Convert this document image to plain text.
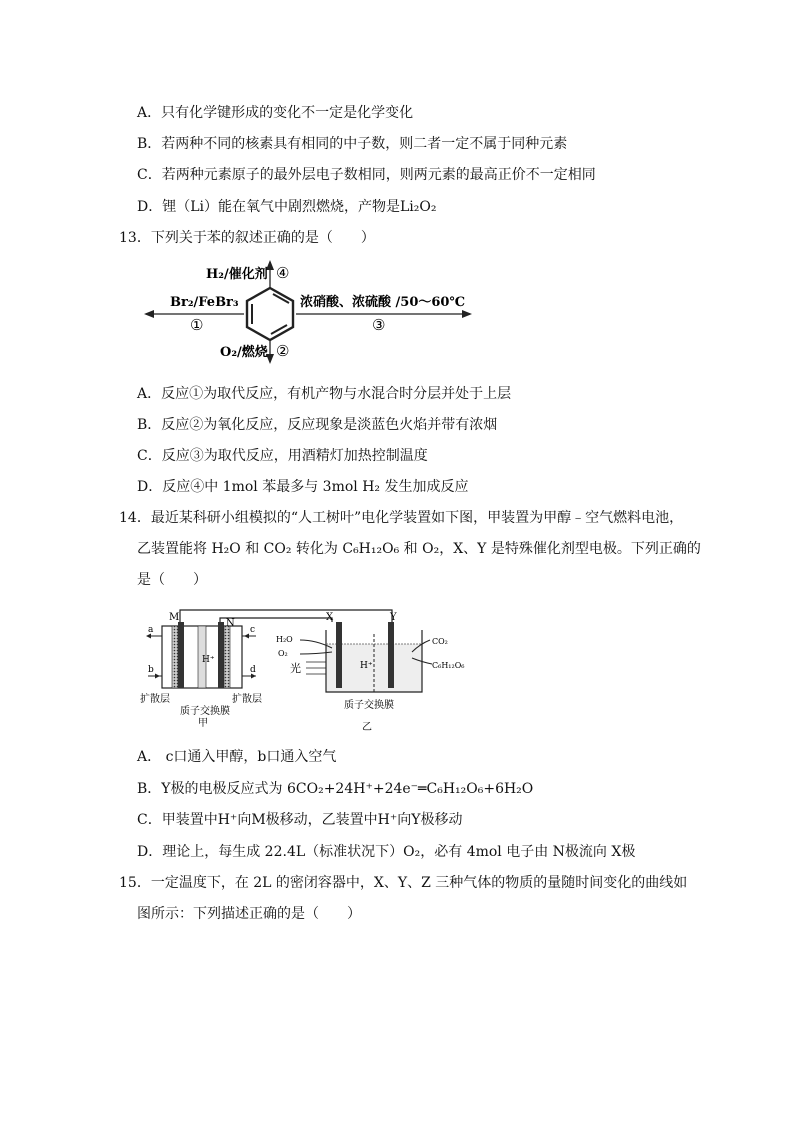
A．只有化学键形成的变化不一定是化学变化
B．若两种不同的核素具有相同的中子数，则二者一定不属于同种元素
C．若两种元素原子的最外层电子数相同，则两元素的最高正价不一定相同
D．锂（Li）能在氧气中剧烈燃烧，产物是Li₂O₂
13．下列关于苯的叙述正确的是（　　）
H₂/催化剂 ④
Br₂/FeBr₃
①
浓硝酸、浓硫酸 /50～60℃
③
O₂/燃烧 ②
A．反应①为取代反应，有机产物与水混合时分层并处于上层
B．反应②为氧化反应，反应现象是淡蓝色火焰并带有浓烟
C．反应③为取代反应，用酒精灯加热控制温度
D．反应④中 1mol 苯最多与 3mol H₂ 发生加成反应
14．最近某科研小组模拟的“人工树叶”电化学装置如下图，甲装置为甲醇﹣空气燃料电池，
乙装置能将 H₂O 和 CO₂ 转化为 C₆H₁₂O₆ 和 O₂，X、Y 是特殊催化剂型电极。下列正确的
是（　　）
M
N
a
b
c
d
H⁺
扩散层	扩散层
质子交换膜
甲
X	Y
H⁺
H₂O
O₂
光
CO₂
C₆H₁₂O₆
质子交换膜
乙
A． c口通入甲醇，b口通入空气
B．Y极的电极反应式为 6CO₂+24H⁺+24e⁻═C₆H₁₂O₆+6H₂O
C．甲装置中H⁺向M极移动，乙装置中H⁺向Y极移动
D．理论上，每生成 22.4L（标准状况下）O₂，必有 4mol 电子由 N极流向 X极
15．一定温度下，在 2L 的密闭容器中，X、Y、Z 三种气体的物质的量随时间变化的曲线如
图所示：下列描述正确的是（　　）
